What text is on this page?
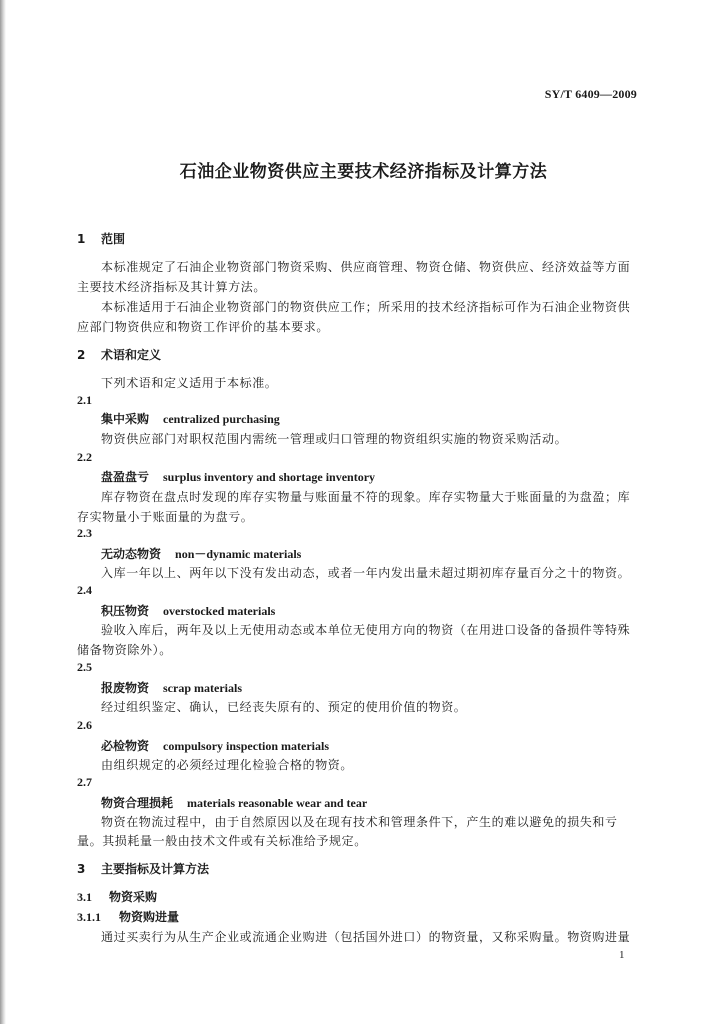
SY/T 6409—2009
石油企业物资供应主要技术经济指标及计算方法
1 范围
本标准规定了石油企业物资部门物资采购、供应商管理、物资仓储、物资供应、经济效益等方面
主要技术经济指标及其计算方法。
本标准适用于石油企业物资部门的物资供应工作；所采用的技术经济指标可作为石油企业物资供
应部门物资供应和物资工作评价的基本要求。
2 术语和定义
下列术语和定义适用于本标准。
2.1
集中采购 centralized purchasing
物资供应部门对职权范围内需统一管理或归口管理的物资组织实施的物资采购活动。
2.2
盘盈盘亏 surplus inventory and shortage inventory
库存物资在盘点时发现的库存实物量与账面量不符的现象。库存实物量大于账面量的为盘盈；库
存实物量小于账面量的为盘亏。
2.3
无动态物资 non－dynamic materials
入库一年以上、两年以下没有发出动态，或者一年内发出量未超过期初库存量百分之十的物资。
2.4
积压物资 overstocked materials
验收入库后，两年及以上无使用动态或本单位无使用方向的物资（在用进口设备的备损件等特殊
储备物资除外）。
2.5
报废物资 scrap materials
经过组织鉴定、确认，已经丧失原有的、预定的使用价值的物资。
2.6
必检物资 compulsory inspection materials
由组织规定的必须经过理化检验合格的物资。
2.7
物资合理损耗 materials reasonable wear and tear
物资在物流过程中，由于自然原因以及在现有技术和管理条件下，产生的难以避免的损失和亏
量。其损耗量一般由技术文件或有关标准给予规定。
3 主要指标及计算方法
3.1 物资采购
3.1.1 物资购进量
通过买卖行为从生产企业或流通企业购进（包括国外进口）的物资量，又称采购量。物资购进量
1
